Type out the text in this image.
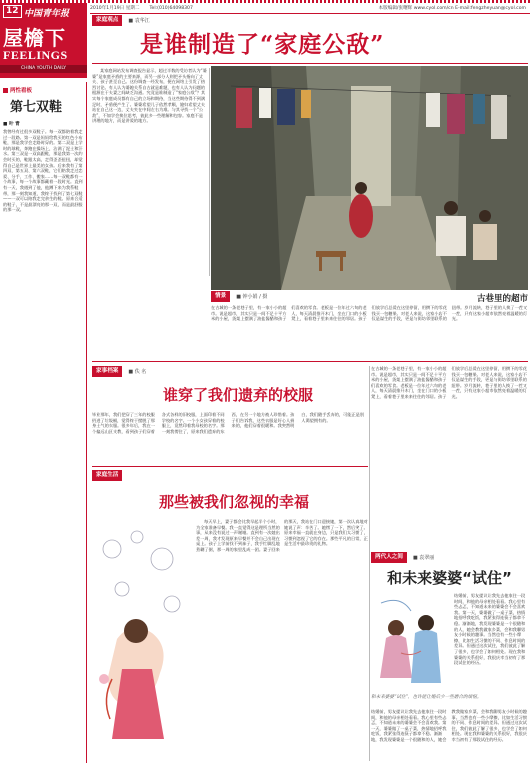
2010年1月19日 星期二 Tel:(010)64098307	本版编辑/张曙辉 www.cyol.com/cn E-mail:fengzheyuan@cyol.com
12 中国青年报
屋檐下
FEELINGS
CHINA YOUTH DAILY
两性看板
第七双鞋
■ 叶 青
我曾经有过很多双鞋子。每一双都陪着我走过一段路。第一双是妈妈给我买的红色小布鞋，那是我学会走路时穿的。第二双是上学时的球鞋，奔跑在操场上，沾满了泥土和汗水。第三双是一双高跟鞋，那是我第一次约会时买的，鞋跟太高，走得歪歪扭扭，却觉得自己是世界上最美的女孩。后来我有了第四双、第五双、第六双鞋，它们陪我走过恋爱、分手、工作、搬家……每一双鞋都有一个故事，每一个故事都藏着一段时光。直到有一天，我遇到了他，他蹲下来为我系鞋带，那一刻我知道，我终于找到了第七双鞋——一双可以陪我走完余生的鞋。原来合适的鞋子，不是最漂亮的那一双，而是最舒服的那一双。
家庭观点	■ 袁华江
是谁制造了“家庭公敌”
某家庭网站发布调查报告显示，超过半数的受访者认为“婆婆”是家庭矛盾的主要来源，而另一部分人则把矛头指向了丈夫、孩子甚至自己。这份调查一经发布，便在网络上引发了热烈讨论。有人认为婆媳关系自古就是难题，也有人认为问题的根源在于夫妻之间缺乏沟通。究竟是谁制造了“家庭公敌”？其实每个家庭成员都有自己的立场和期待，当这些期待得不到满足时，矛盾便产生了。婆婆希望儿子依然孝顺，媳妇希望丈夫站在自己这一边，丈夫夹在中间左右为难。与其寻找一个“公敌”，不如学会换位思考，彼此多一些理解和包容。家庭不是讲理的地方，而是讲爱的地方。
古巷里的超市
情景	■ 钟小娟 / 摄
在古城的一条老巷子里，有一家小小的超市。说是超市，其实只是一间不足十平方米的小屋，货架上摆满了油盐酱醋和孩子们喜欢的零食。老板是一位年过六旬的老人，每天清晨推开木门，坐在门口的小板凳上，看着巷子里来来往往的邻居。孩子们放学后总爱在这里停留，用攒下的零花钱买一包糖果。对老人来说，这家小店不仅是谋生的手段，更是与街坊邻里联系的纽带。岁月流转，巷子里的人换了一茬又一茬，只有这家小超市依然亮着温暖的灯光。
家事档案	■ 佚 名
谁穿了我们遗弃的校服
毕业那年，我们把穿了三年的校服扔进了垃圾桶，觉得终于摆脱了那身土气的衣服。很多年后，我在一个偏远山区支教，看到孩子们穿着各式各样的旧校服，上面印着不同学校的名字。一个小女孩穿着的校服上，竟然印着我母校的名字。那一刻我愣住了，原来我们遗弃的东西，在另一个地方被人珍惜着。孩子们告诉我，这些衣服是好心人捐来的，他们穿着很暖和。我突然明白，我们随手丢弃的，可能正是别人渴望拥有的。
在古城的一条老巷子里，有一家小小的超市。说是超市，其实只是一间不足十平方米的小屋，货架上摆满了油盐酱醋和孩子们喜欢的零食。老板是一位年过六旬的老人，每天清晨推开木门，坐在门口的小板凳上，看着巷子里来来往往的邻居。孩子们放学后总爱在这里停留，用攒下的零花钱买一包糖果。对老人来说，这家小店不仅是谋生的手段，更是与街坊邻里联系的纽带。岁月流转，巷子里的人换了一茬又一茬，只有这家小超市依然亮着温暖的灯光。
家庭生活
那些被我们忽视的幸福
每天早上，妻子都会比我早起半个小时，为全家准备早餐。我一直觉得这是理所当然的事，从来没有说过一声谢谢。直到有一次她出差一周，我才发现原来早餐并不会自己出现在桌上。孩子上学前找不到袜子，我手忙脚乱地煮糊了粥，那一周的家里乱成一团。妻子回来的那天，我站在门口迎接她，第一次认真地对她说了声：辛苦了。她愣了一下，然后笑了。原来幸福一直就在身边，只是我们太习惯了，习惯到忽视了它的存在。那些平凡的日常，正是生活中最珍贵的礼物。
两代人之间	■ 袁翠丽
和未来婆婆“试住”
结婚前，男友提议让我先去他家住一段时间，和他的母亲相处看看。我心里有些忐忑，不知道未来的婆婆会不会喜欢我。第一天，婆婆做了一桌子菜，热情地招呼我吃饭，我紧张得连筷子都拿不稳。渐渐地，我发现婆婆是一个很随和的人，她会教我做家乡菜，会和我聊男友小时候的趣事。当然也有一些小摩擦，比如生活习惯的不同、作息时间的差异。但通过这次试住，我们彼此了解了很多，也学会了如何相处。现在我和婆婆的关系很好，我很庆幸当初有了那段试住的经历。
和未来婆婆“试住”，也许能让婚后少一些磨合的烦恼。
结婚前，男友提议让我先去他家住一段时间，和他的母亲相处看看。我心里有些忐忑，不知道未来的婆婆会不会喜欢我。第一天，婆婆做了一桌子菜，热情地招呼我吃饭，我紧张得连筷子都拿不稳。渐渐地，我发现婆婆是一个很随和的人，她会教我做家乡菜，会和我聊男友小时候的趣事。当然也有一些小摩擦，比如生活习惯的不同、作息时间的差异。但通过这次试住，我们彼此了解了很多，也学会了如何相处。现在我和婆婆的关系很好，我很庆幸当初有了那段试住的经历。
